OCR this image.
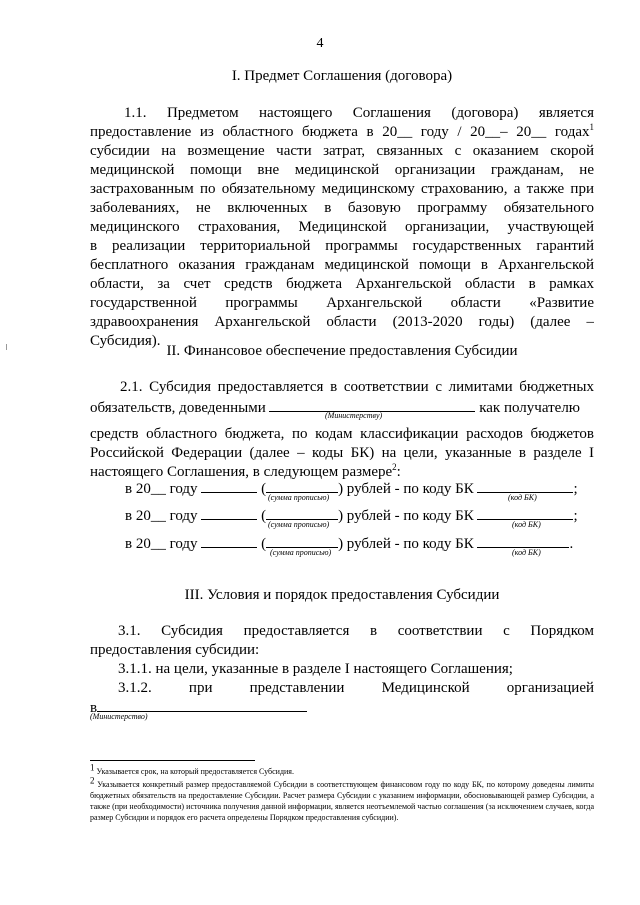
4
I. Предмет Соглашения (договора)
1.1. Предметом настоящего Соглашения (договора) является
предоставление из областного бюджета в 20__ году / 20__– 20__ годах$^1$
субсидии на возмещение части затрат, связанных с оказанием скорой
медицинской помощи вне медицинской организации гражданам, не
застрахованным по обязательному медицинскому страхованию, а также при
заболеваниях, не включенных в базовую программу обязательного
медицинского страхования, Медицинской организации, участвующей
в реализации территориальной программы государственных гарантий
бесплатного оказания гражданам медицинской помощи в Архангельской
области, за счет средств бюджета Архангельской области в рамках
государственной программы Архангельской области «Развитие
здравоохранения Архангельской области (2013-2020 годы) (далее –
Субсидия).
II. Финансовое обеспечение предоставления Субсидии
2.1. Субсидия предоставляется в соответствии с лимитами бюджетных
обязательств, доведенными	как получателю
(Министерству)
средств областного бюджета, по кодам классификации расходов бюджетов
Российской Федерации (далее – коды БК) на цели, указанные в разделе I
настоящего Соглашения, в следующем размере$^2$:
в 20__ году	(	) рублей - по коду БК	;
(сумма прописью)	(код БК)
в 20__ году	(	) рублей - по коду БК	;
(сумма прописью)	(код БК)
в 20__ году	(	) рублей - по коду БК	.
(сумма прописью)	(код БК)
III. Условия и порядок предоставления Субсидии
3.1. Субсидия предоставляется в соответствии с Порядком
предоставления субсидии:
3.1.1. на цели, указанные в разделе I настоящего Соглашения;
3.1.2. при представлении Медицинской организацией
в
(Министерство)
$^1$ Указывается срок, на который предоставляется Субсидия.
$^2$ Указывается конкретный размер предоставляемой Субсидии в соответствующем финансовом году по коду БК, по которому доведены лимиты бюджетных обязательств на предоставление Субсидии. Расчет размера Субсидии с указанием информации, обосновывающей размер Субсидии, а также (при необходимости) источника получения данной информации, является неотъемлемой частью соглашения (за исключением случаев, когда размер Субсидии и порядок его расчета определены Порядком предоставления субсидии).
